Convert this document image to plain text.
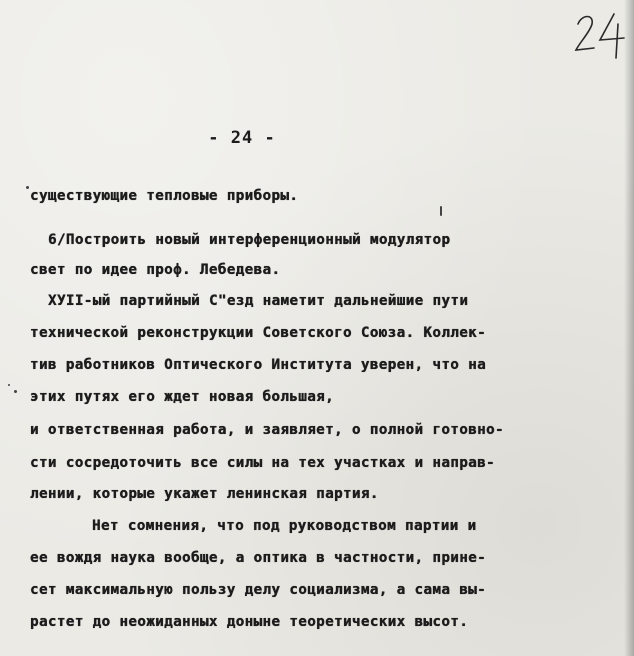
- 24 -
существующие тепловые приборы.
6/Построить новый интерференционный модулятор
свет по идее проф. Лебедева.
ХУII-ый партийный С"езд наметит дальнейшие пути
технической реконструкции Советского Союза. Коллек-
тив работников Оптического Института уверен, что на
этих путях его ждет новая большая,
и ответственная работа, и заявляет, о полной готовно-
сти сосредоточить все силы на тех участках и направ-
лении, которые укажет ленинская партия.
Нет сомнения, что под руководством партии и
ее вождя наука вообще, а оптика в частности, прине-
сет максимальную пользу делу социализма, а сама вы-
растет до неожиданных доныне теоретических высот.
